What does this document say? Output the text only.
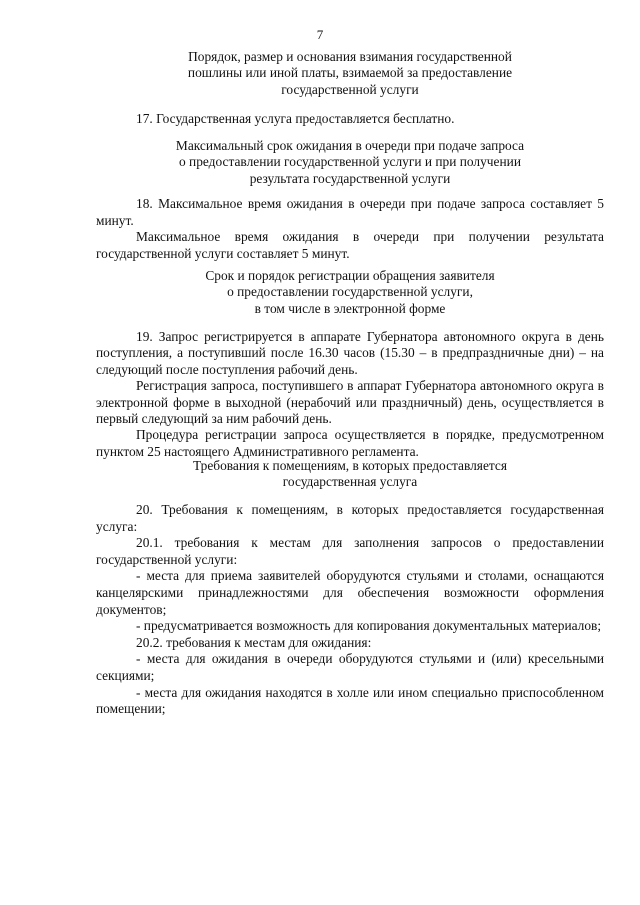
7
Порядок, размер и основания взимания государственной
пошлины или иной платы, взимаемой за предоставление
государственной услуги

17. Государственная услуга предоставляется бесплатно.

Максимальный срок ожидания в очереди при подаче запроса
о предоставлении государственной услуги и при получении
результата государственной услуги

18. Максимальное время ожидания в очереди при подаче запроса составляет 5 минут.

Максимальное время ожидания в очереди при получении результата государственной услуги составляет 5 минут.

Срок и порядок регистрации обращения заявителя
о предоставлении государственной услуги,
в том числе в электронной форме

19. Запрос регистрируется в аппарате Губернатора автономного округа в день поступления, а поступивший после 16.30 часов (15.30 – в предпраздничные дни) – на следующий после поступления рабочий день.

Регистрация запроса, поступившего в аппарат Губернатора автономного округа в электронной форме в выходной (нерабочий или праздничный) день, осуществляется в первый следующий за ним рабочий день.

Процедура регистрации запроса осуществляется в порядке, предусмотренном пунктом 25 настоящего Административного регламента.

Требования к помещениям, в которых предоставляется
государственная услуга

20. Требования к помещениям, в которых предоставляется государственная услуга:

20.1. требования к местам для заполнения запросов о предоставлении государственной услуги:

- места для приема заявителей оборудуются стульями и столами, оснащаются канцелярскими принадлежностями для обеспечения возможности оформления документов;

- предусматривается возможность для копирования документальных материалов;

20.2. требования к местам для ожидания:

- места для ожидания в очереди оборудуются стульями и (или) кресельными секциями;

- места для ожидания находятся в холле или ином специально приспособленном помещении;
